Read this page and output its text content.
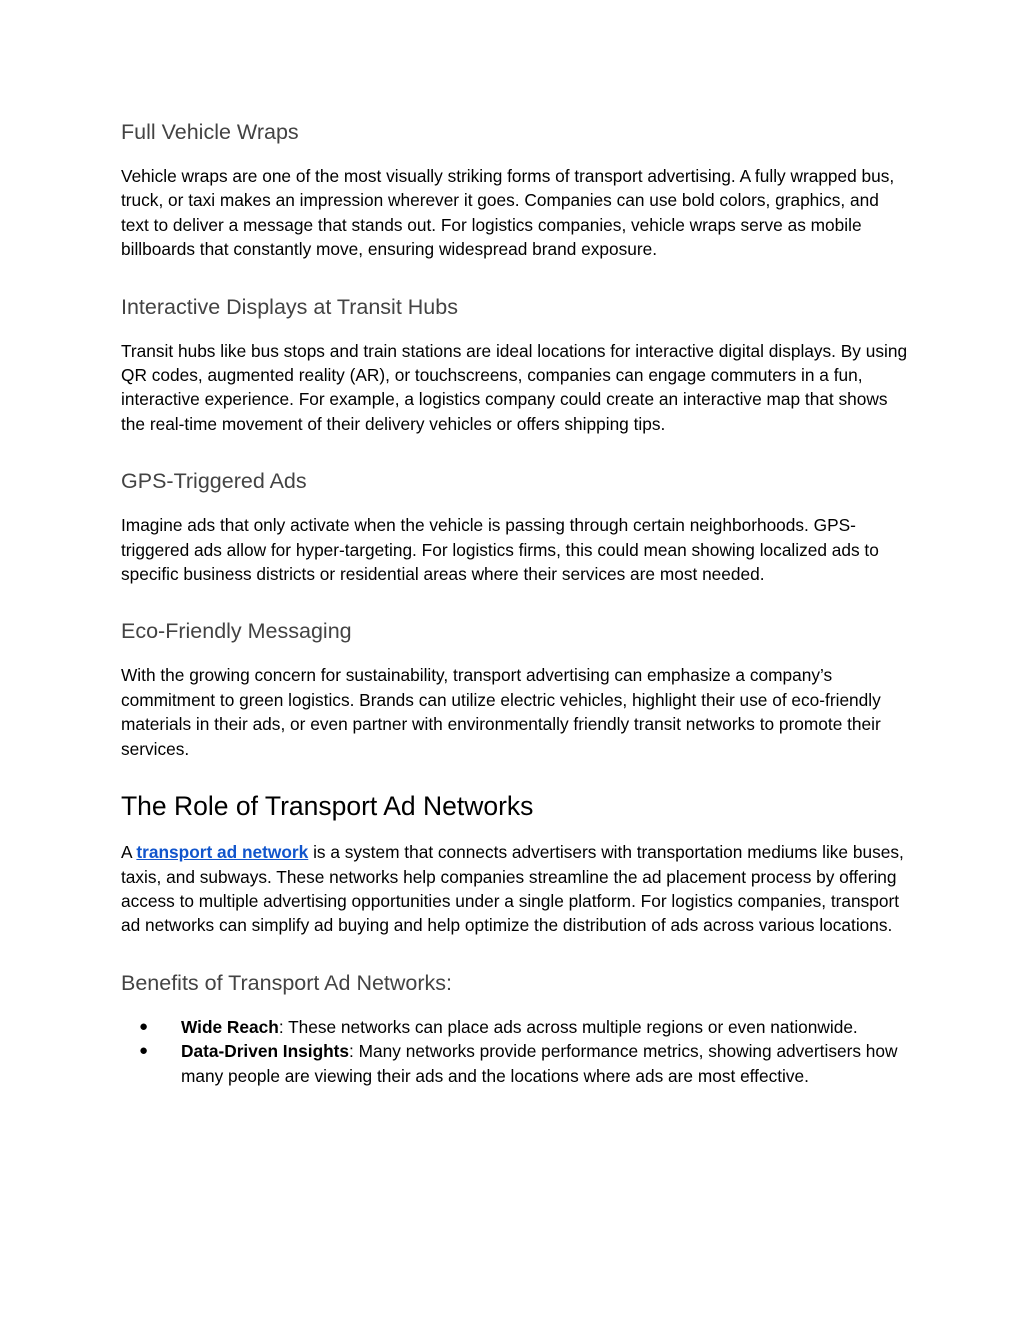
Full Vehicle Wraps

Vehicle wraps are one of the most visually striking forms of transport advertising. A fully wrapped bus, truck, or taxi makes an impression wherever it goes. Companies can use bold colors, graphics, and text to deliver a message that stands out. For logistics companies, vehicle wraps serve as mobile billboards that constantly move, ensuring widespread brand exposure.

Interactive Displays at Transit Hubs

Transit hubs like bus stops and train stations are ideal locations for interactive digital displays. By using QR codes, augmented reality (AR), or touchscreens, companies can engage commuters in a fun, interactive experience. For example, a logistics company could create an interactive map that shows the real-time movement of their delivery vehicles or offers shipping tips.

GPS-Triggered Ads

Imagine ads that only activate when the vehicle is passing through certain neighborhoods. GPS-triggered ads allow for hyper-targeting. For logistics firms, this could mean showing localized ads to specific business districts or residential areas where their services are most needed.

Eco-Friendly Messaging

With the growing concern for sustainability, transport advertising can emphasize a company’s commitment to green logistics. Brands can utilize electric vehicles, highlight their use of eco-friendly materials in their ads, or even partner with environmentally friendly transit networks to promote their services.

The Role of Transport Ad Networks

A transport ad network is a system that connects advertisers with transportation mediums like buses, taxis, and subways. These networks help companies streamline the ad placement process by offering access to multiple advertising opportunities under a single platform. For logistics companies, transport ad networks can simplify ad buying and help optimize the distribution of ads across various locations.

Benefits of Transport Ad Networks:
● Wide Reach: These networks can place ads across multiple regions or even nationwide.
● Data-Driven Insights: Many networks provide performance metrics, showing advertisers how many people are viewing their ads and the locations where ads are most effective.
